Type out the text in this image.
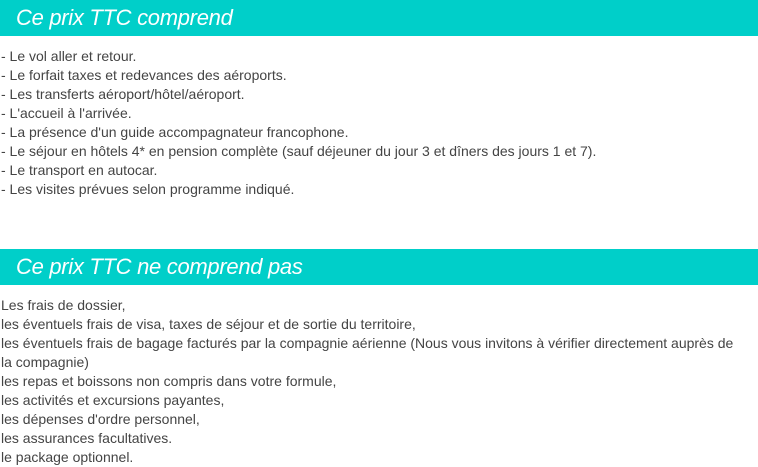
Ce prix TTC comprend
- Le vol aller et retour.
- Le forfait taxes et redevances des aéroports.
- Les transferts aéroport/hôtel/aéroport.
- L'accueil à l'arrivée.
- La présence d'un guide accompagnateur francophone.
- Le séjour en hôtels 4* en pension complète (sauf déjeuner du jour 3 et dîners des jours 1 et 7).
- Le transport en autocar.
- Les visites prévues selon programme indiqué.
Ce prix TTC ne comprend pas
Les frais de dossier,
les éventuels frais de visa, taxes de séjour et de sortie du territoire,
les éventuels frais de bagage facturés par la compagnie aérienne (Nous vous invitons à vérifier directement auprès de la compagnie)
les repas et boissons non compris dans votre formule,
les activités et excursions payantes,
les dépenses d'ordre personnel,
les assurances facultatives.
le package optionnel.
